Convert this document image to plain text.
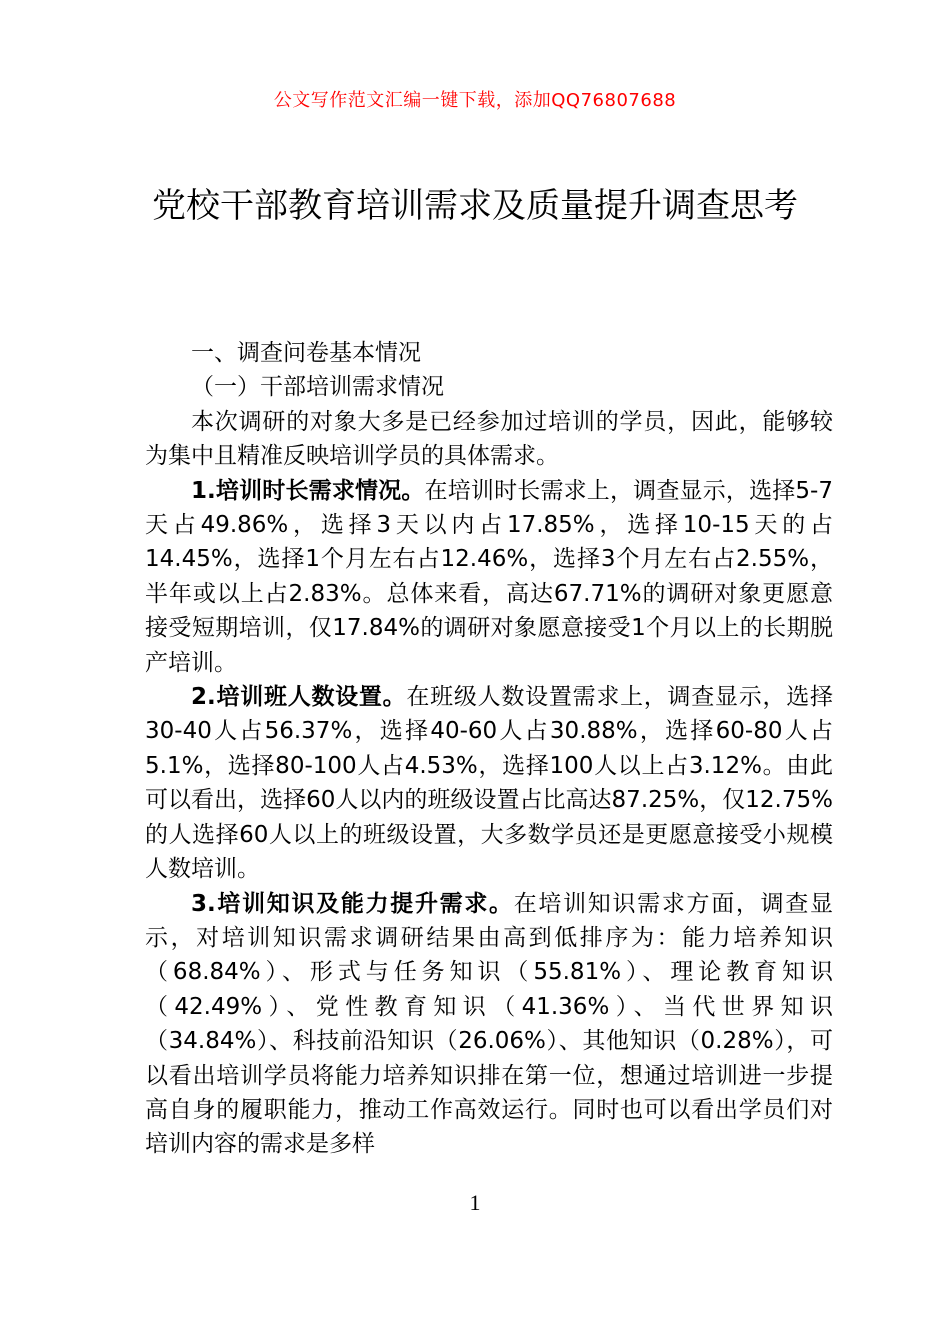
公文写作范文汇编一键下载，添加QQ76807688
党校干部教育培训需求及质量提升调查思考

一、调查问卷基本情况

（一）干部培训需求情况

本次调研的对象大多是已经参加过培训的学员，因此，能够较为集中且精准反映培训学员的具体需求。

1.培训时长需求情况。在培训时长需求上，调查显示，选择5-7天占49.86%，选择3天以内占17.85%，选择10-15天的占14.45%，选择1个月左右占12.46%，选择3个月左右占2.55%，半年或以上占2.83%。总体来看，高达67.71%的调研对象更愿意接受短期培训，仅17.84%的调研对象愿意接受1个月以上的长期脱产培训。

2.培训班人数设置。在班级人数设置需求上，调查显示，选择30-40人占56.37%，选择40-60人占30.88%，选择60-80人占5.1%，选择80-100人占4.53%，选择100人以上占3.12%。由此可以看出，选择60人以内的班级设置占比高达87.25%，仅12.75%的人选择60人以上的班级设置，大多数学员还是更愿意接受小规模人数培训。

3.培训知识及能力提升需求。在培训知识需求方面，调查显示，对培训知识需求调研结果由高到低排序为：能力培养知识（68.84%）、形式与任务知识（55.81%）、理论教育知识（42.49%）、党性教育知识（41.36%）、当代世界知识（34.84%）、科技前沿知识（26.06%）、其他知识（0.28%），可以看出培训学员将能力培养知识排在第一位，想通过培训进一步提高自身的履职能力，推动工作高效运行。同时也可以看出学员们对培训内容的需求是多样

1
